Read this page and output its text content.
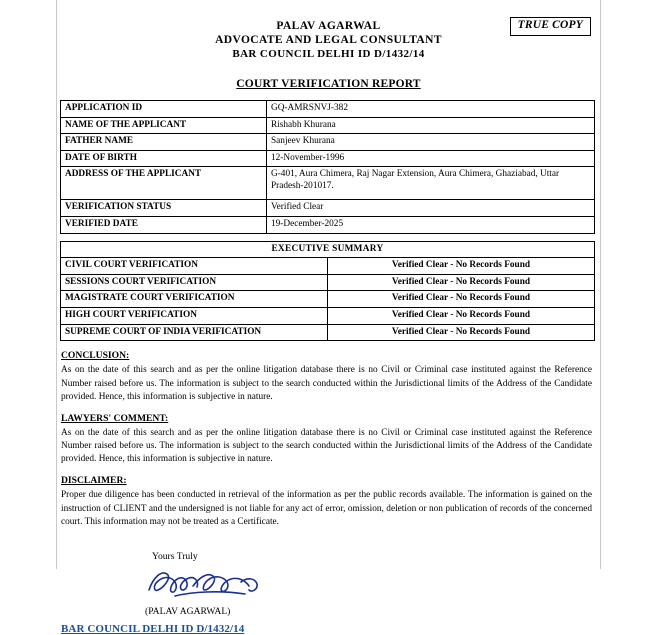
TRUE COPY
PALAV AGARWAL
ADVOCATE AND LEGAL CONSULTANT
BAR COUNCIL DELHI ID D/1432/14
COURT VERIFICATION REPORT
APPLICATION ID	GQ-AMRSNVJ-382
NAME OF THE APPLICANT	Rishabh Khurana
FATHER NAME	Sanjeev Khurana
DATE OF BIRTH	12-November-1996
ADDRESS OF THE APPLICANT	G-401, Aura Chimera, Raj Nagar Extension, Aura Chimera, Ghaziabad, Uttar Pradesh-201017.
VERIFICATION STATUS	Verified Clear
VERIFIED DATE	19-December-2025
EXECUTIVE SUMMARY	
CIVIL COURT VERIFICATION	Verified Clear - No Records Found
SESSIONS COURT VERIFICATION	Verified Clear - No Records Found
MAGISTRATE COURT VERIFICATION	Verified Clear - No Records Found
HIGH COURT VERIFICATION	Verified Clear - No Records Found
SUPREME COURT OF INDIA VERIFICATION	Verified Clear - No Records Found
CONCLUSION:
As on the date of this search and as per the online litigation database there is no Civil or Criminal case instituted against the Reference Number raised before us. The information is subject to the search conducted within the Jurisdictional limits of the Address of the Candidate provided. Hence, this information is subjective in nature.
LAWYERS' COMMENT:
As on the date of this search and as per the online litigation database there is no Civil or Criminal case instituted against the Reference Number raised before us. The information is subject to the search conducted within the Jurisdictional limits of the Address of the Candidate provided. Hence, this information is subjective in nature.
DISCLAIMER:
Proper due diligence has been conducted in retrieval of the information as per the public records available. The information is gained on the instruction of CLIENT and the undersigned is not liable for any act of error, omission, deletion or non publication of records of the concerned court. This information may not be treated as a Certificate.
Yours Truly
(PALAV AGARWAL)
BAR COUNCIL DELHI ID D/1432/14
